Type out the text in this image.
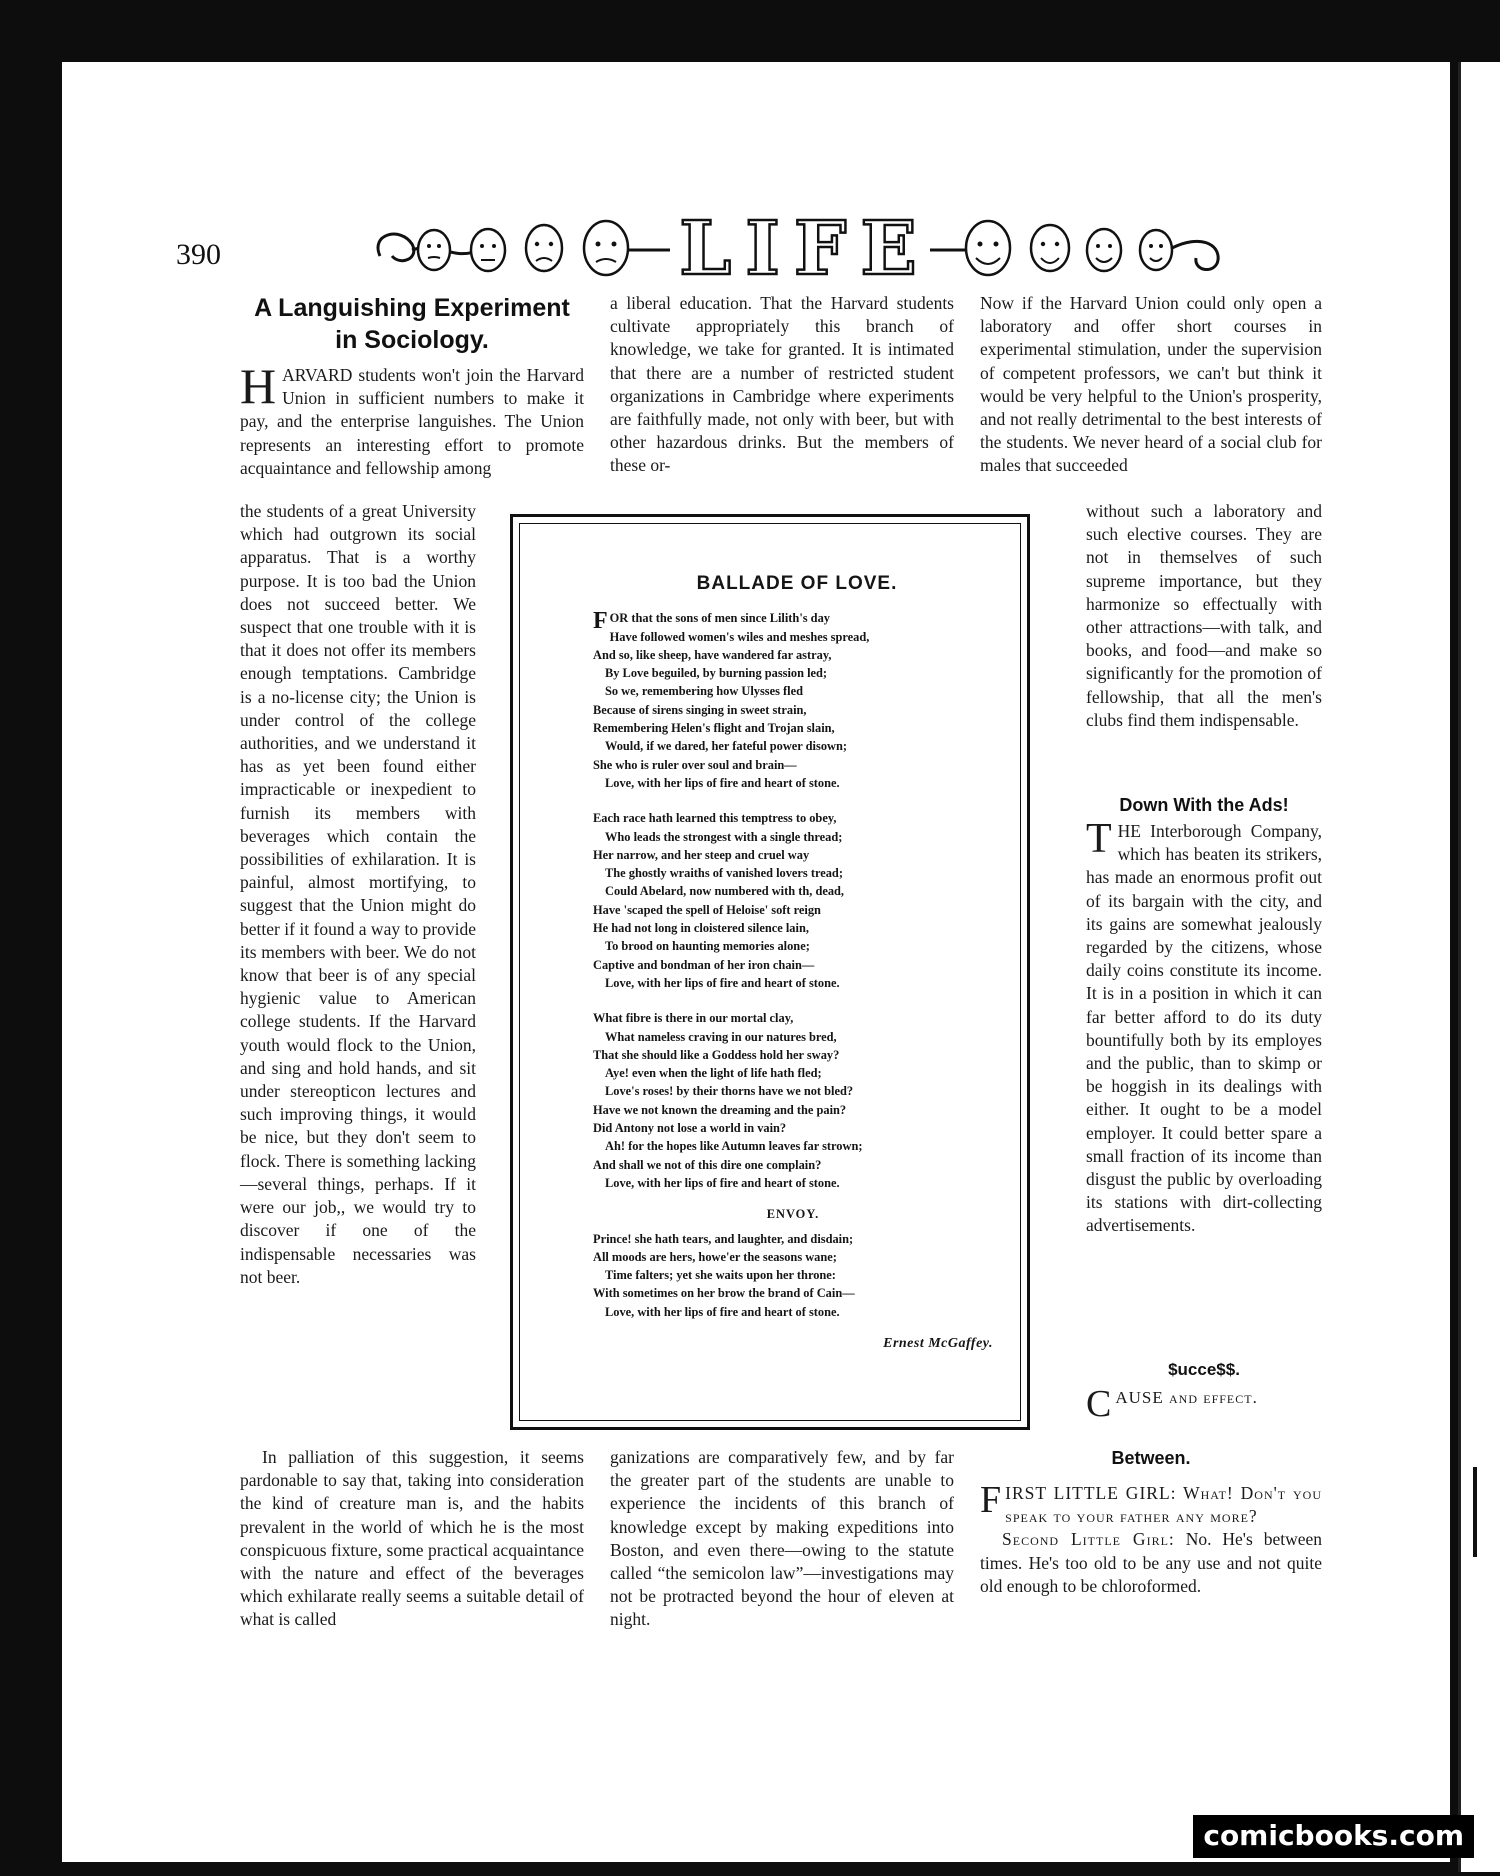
390	LIFE
A Languishing Experiment in Sociology.

HARVARD students won't join the Harvard Union in sufficient numbers to make it pay, and the enterprise languishes. The Union represents an interesting effort to promote acquaintance and fellowship among

the students of a great University which had outgrown its social apparatus. That is a worthy purpose. It is too bad the Union does not succeed better. We suspect that one trouble with it is that it does not offer its members enough temptations. Cambridge is a no-license city; the Union is under control of the college authorities, and we understand it has as yet been found either impracticable or inexpedient to furnish its members with beverages which contain the possibilities of exhilaration. It is painful, almost mortifying, to suggest that the Union might do better if it found a way to provide its members with beer. We do not know that beer is of any special hygienic value to American college students. If the Harvard youth would flock to the Union, and sing and hold hands, and sit under stereopticon lectures and such improving things, it would be nice, but they don't seem to flock. There is something lacking—several things, perhaps. If it were our job,, we would try to discover if one of the indispensable necessaries was not beer.

In palliation of this suggestion, it seems pardonable to say that, taking into consideration the kind of creature man is, and the habits prevalent in the world of which he is the most conspicuous fixture, some practical acquaintance with the nature and effect of the beverages which exhilarate really seems a suitable detail of what is called

a liberal education. That the Harvard students cultivate appropriately this branch of knowledge, we take for granted. It is intimated that there are a number of restricted student organizations in Cambridge where experiments are faithfully made, not only with beer, but with other hazardous drinks. But the members of these or-

ganizations are comparatively few, and by far the greater part of the students are unable to experience the incidents of this branch of knowledge except by making expeditions into Boston, and even there—owing to the statute called “the semicolon law”—investigations may not be protracted beyond the hour of eleven at night.

Now if the Harvard Union could only open a laboratory and offer short courses in experimental stimulation, under the supervision of competent professors, we can't but think it would be very helpful to the Union's prosperity, and not really detrimental to the best interests of the students. We never heard of a social club for males that succeeded

without such a laboratory and such elective courses. They are not in themselves of such supreme importance, but they harmonize so effectually with other attractions—with talk, and books, and food—and make so significantly for the promotion of fellowship, that all the men's clubs find them indispensable.

Down With the Ads!

THE Interborough Company, which has beaten its strikers, has made an enormous profit out of its bargain with the city, and its gains are somewhat jealously regarded by the citizens, whose daily coins constitute its income. It is in a position in which it can far better afford to do its duty bountifully both by its employes and the public, than to skimp or be hoggish in its dealings with either. It ought to be a model employer. It could better spare a small fraction of its income than disgust the public by overloading its stations with dirt-collecting advertisements.

$ucce$$.

CAUSE and effect.

Between.

FIRST LITTLE GIRL: What! Don't you speak to your father any more?

Second Little Girl: No. He's between times. He's too old to be any use and not quite old enough to be chloroformed.

BALLADE OF LOVE.

FOR that the sons of men since Lilith's day

Have followed women's wiles and meshes spread,

And so, like sheep, have wandered far astray,

By Love beguiled, by burning passion led;

So we, remembering how Ulysses fled

Because of sirens singing in sweet strain,

Remembering Helen's flight and Trojan slain,

Would, if we dared, her fateful power disown;

She who is ruler over soul and brain—

Love, with her lips of fire and heart of stone.

Each race hath learned this temptress to obey,

Who leads the strongest with a single thread;

Her narrow, and her steep and cruel way

The ghostly wraiths of vanished lovers tread;

Could Abelard, now numbered with th, dead,

Have 'scaped the spell of Heloise' soft reign

He had not long in cloistered silence lain,

To brood on haunting memories alone;

Captive and bondman of her iron chain—

Love, with her lips of fire and heart of stone.

What fibre is there in our mortal clay,

What nameless craving in our natures bred,

That she should like a Goddess hold her sway?

Aye! even when the light of life hath fled;

Love's roses! by their thorns have we not bled?

Have we not known the dreaming and the pain?

Did Antony not lose a world in vain?

Ah! for the hopes like Autumn leaves far strown;

And shall we not of this dire one complain?

Love, with her lips of fire and heart of stone.

ENVOY.

Prince! she hath tears, and laughter, and disdain;

All moods are hers, howe'er the seasons wane;

Time falters; yet she waits upon her throne:

With sometimes on her brow the brand of Cain—

Love, with her lips of fire and heart of stone.

Ernest McGaffey.

comicbooks.com
